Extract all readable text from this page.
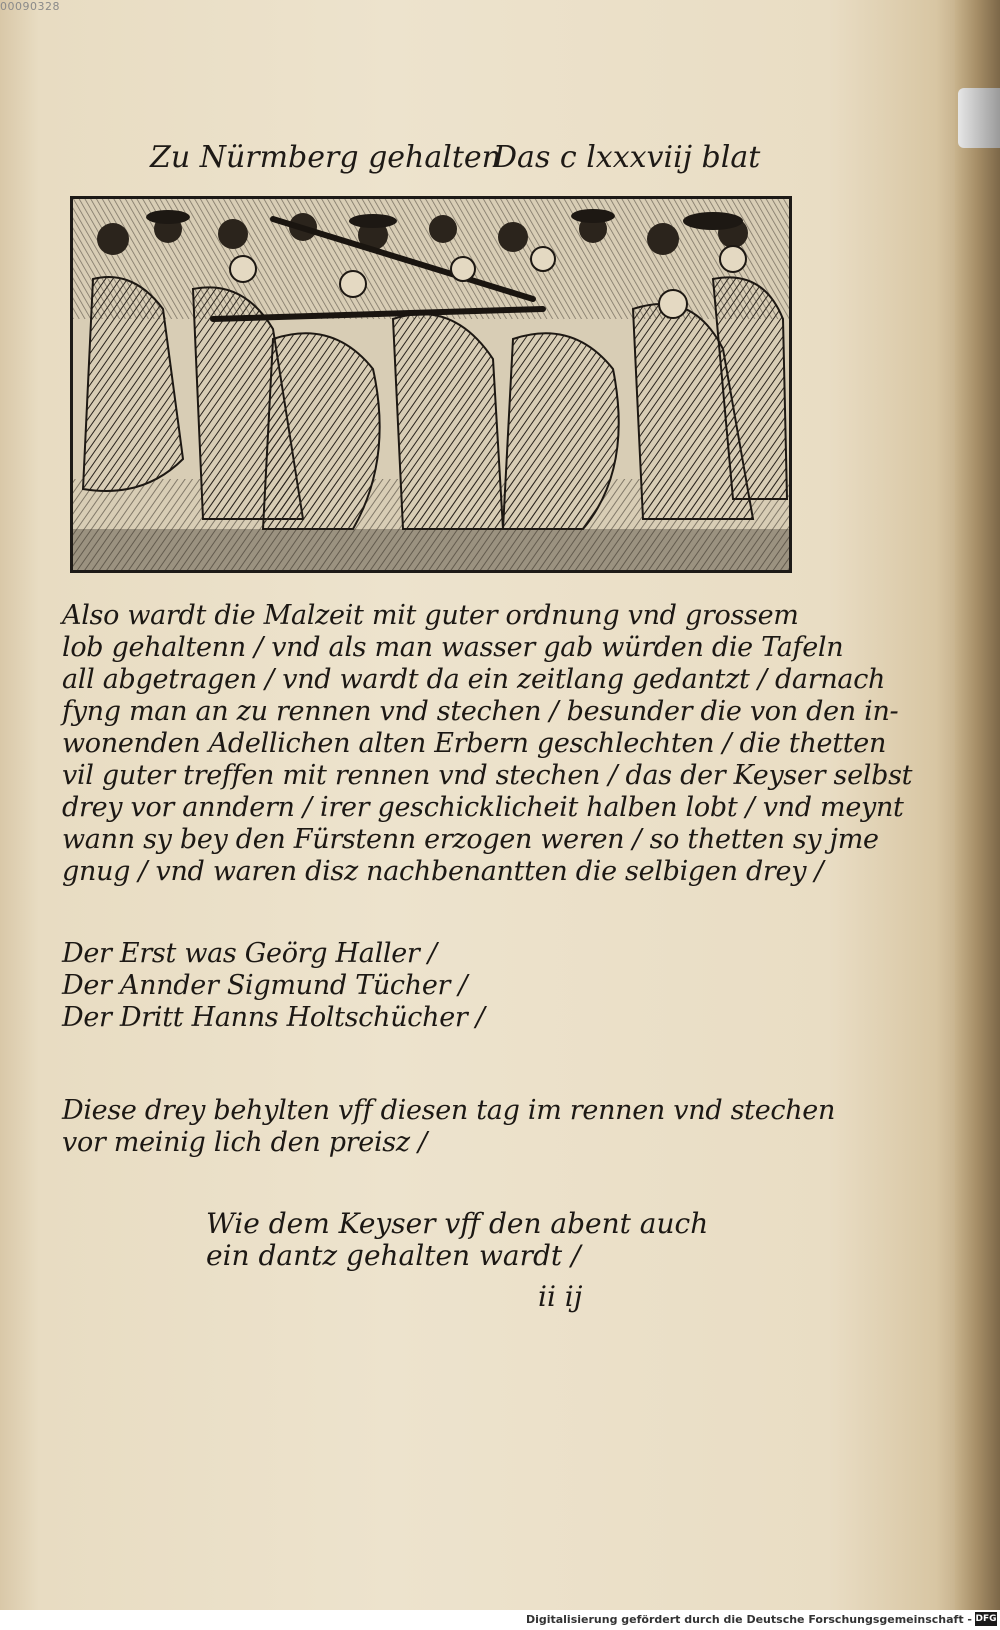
00090328
Zu Nürmberg gehalten
Das c lxxxviij blat
Also wardt die Malzeit mit guter ordnung vnd grossem
lob gehaltenn / vnd als man wasser gab würden die Tafeln
all abgetragen / vnd wardt da ein zeitlang gedantzt / darnach
fyng man an zu rennen vnd stechen / besunder die von den in-
wonenden Adellichen alten Erbern geschlechten / die thetten
vil guter treffen mit rennen vnd stechen / das der Keyser selbst
drey vor anndern / irer geschicklicheit halben lobt / vnd meynt
wann sy bey den Fürstenn erzogen weren / so thetten sy jme
gnug / vnd waren disz nachbenantten die selbigen drey /
Der Erst was Geörg Haller /
Der Annder Sigmund Tücher /
Der Dritt Hanns Holtschücher /
Diese drey behylten vff diesen tag im rennen vnd stechen
vor meinig lich den preisz /
Wie dem Keyser vff den abent auch
ein dantz gehalten wardt /
ii ij
Digitalisierung gefördert durch die Deutsche Forschungsgemeinschaft - DFG
